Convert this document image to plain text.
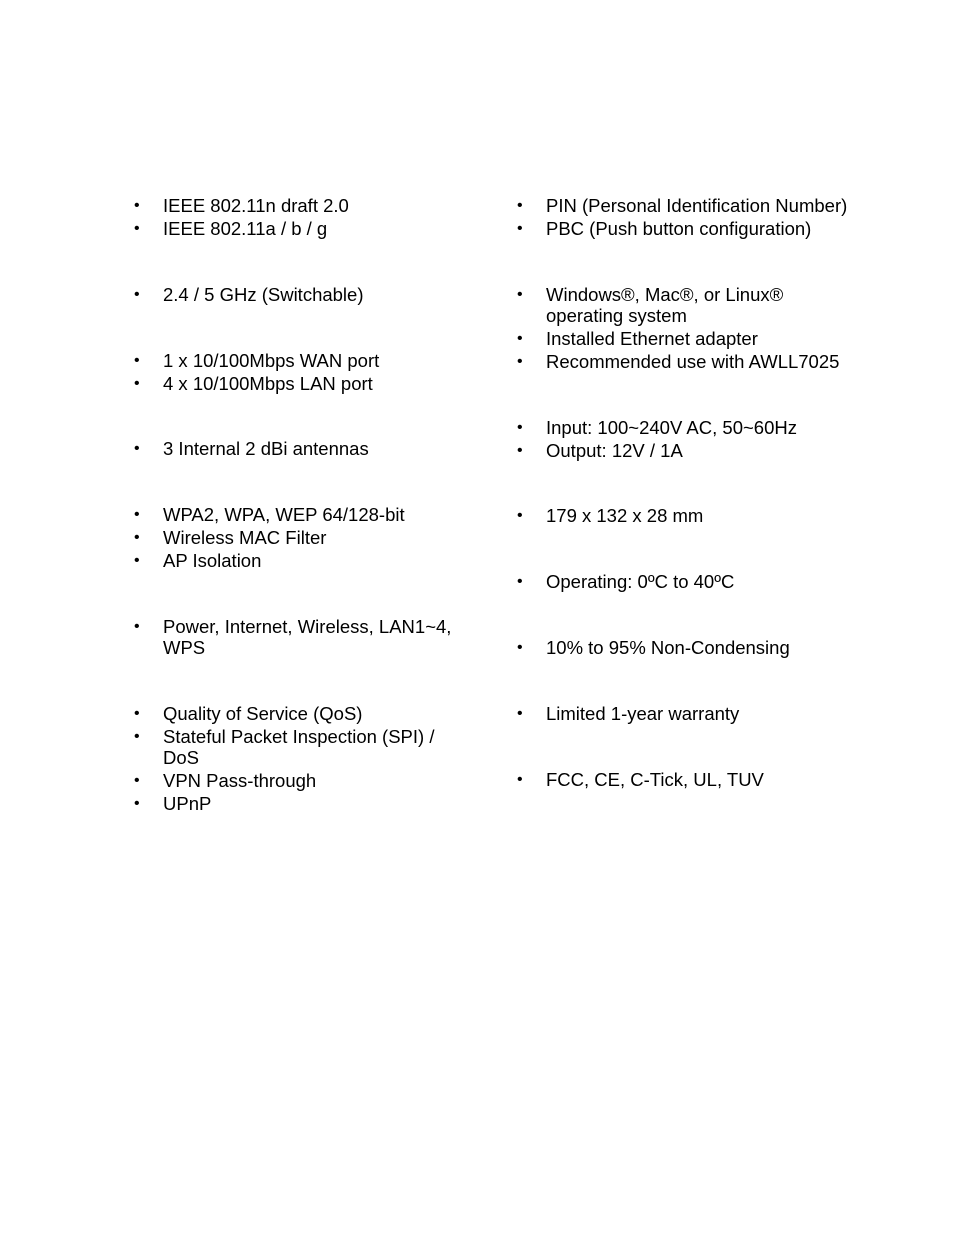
•	IEEE 802.11n draft 2.0
•	IEEE 802.11a / b / g
•	2.4 / 5 GHz (Switchable)
•	1 x 10/100Mbps WAN port
•	4 x 10/100Mbps LAN port
•	3 Internal 2 dBi antennas
•	WPA2, WPA, WEP 64/128-bit
•	Wireless MAC Filter
•	AP Isolation
•	Power, Internet, Wireless, LAN1~4, WPS
•	Quality of Service (QoS)
•	Stateful Packet Inspection (SPI) / DoS
•	VPN Pass-through
•	UPnP
•	PIN (Personal Identification Number)
•	PBC (Push button configuration)
•	Windows®, Mac®, or Linux® operating system
•	Installed Ethernet adapter
•	Recommended use with AWLL7025
•	Input: 100~240V AC, 50~60Hz
•	Output: 12V / 1A
•	179 x 132 x 28 mm
•	Operating: 0ºC to 40ºC
•	10% to 95% Non-Condensing
•	Limited 1-year warranty
•	FCC, CE, C-Tick, UL, TUV
